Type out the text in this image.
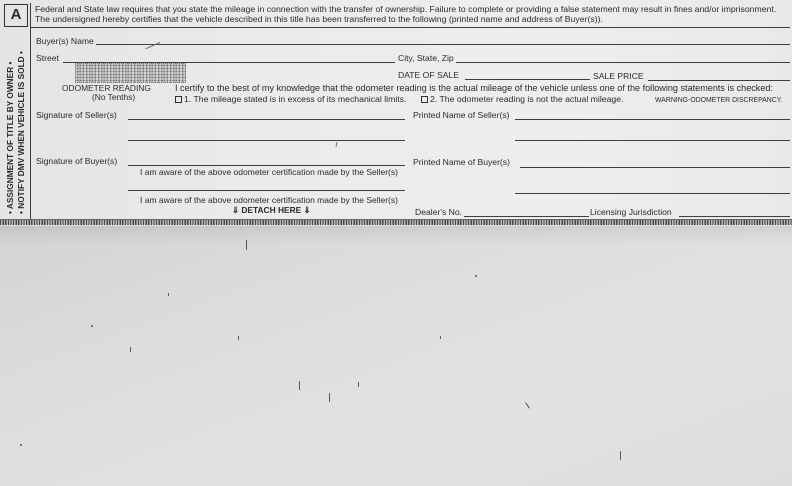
A
• ASSIGNMENT OF TITLE BY OWNER • • NOTIFY DMV WHEN VEHICLE IS SOLD •
Federal and State law requires that you state the mileage in connection with the transfer of ownership. Failure to complete or providing a false statement may result in fines and/or imprisonment.
The undersigned hereby certifies that the vehicle described in this title has been transferred to the following (printed name and address of Buyer(s)).
Buyer(s) Name
Street	City, State, Zip
DATE OF SALE	SALE PRICE
ODOMETER READING
(No Tenths)
I certify to the best of my knowledge that the odometer reading is the actual mileage of the vehicle unless one of the following statements is checked:
1. The mileage stated is in excess of its mechanical limits.	2. The odometer reading is not the actual mileage.	WARNING-ODOMETER DISCREPANCY.
Signature of Seller(s)	Printed Name of Seller(s)
Signature of Buyer(s)	Printed Name of Buyer(s)
I am aware of the above odometer certification made by the Seller(s)
I am aware of the above odometer certification made by the Seller(s)
⇓ DETACH HERE ⇓	Dealer's No.	Licensing Jurisdiction
